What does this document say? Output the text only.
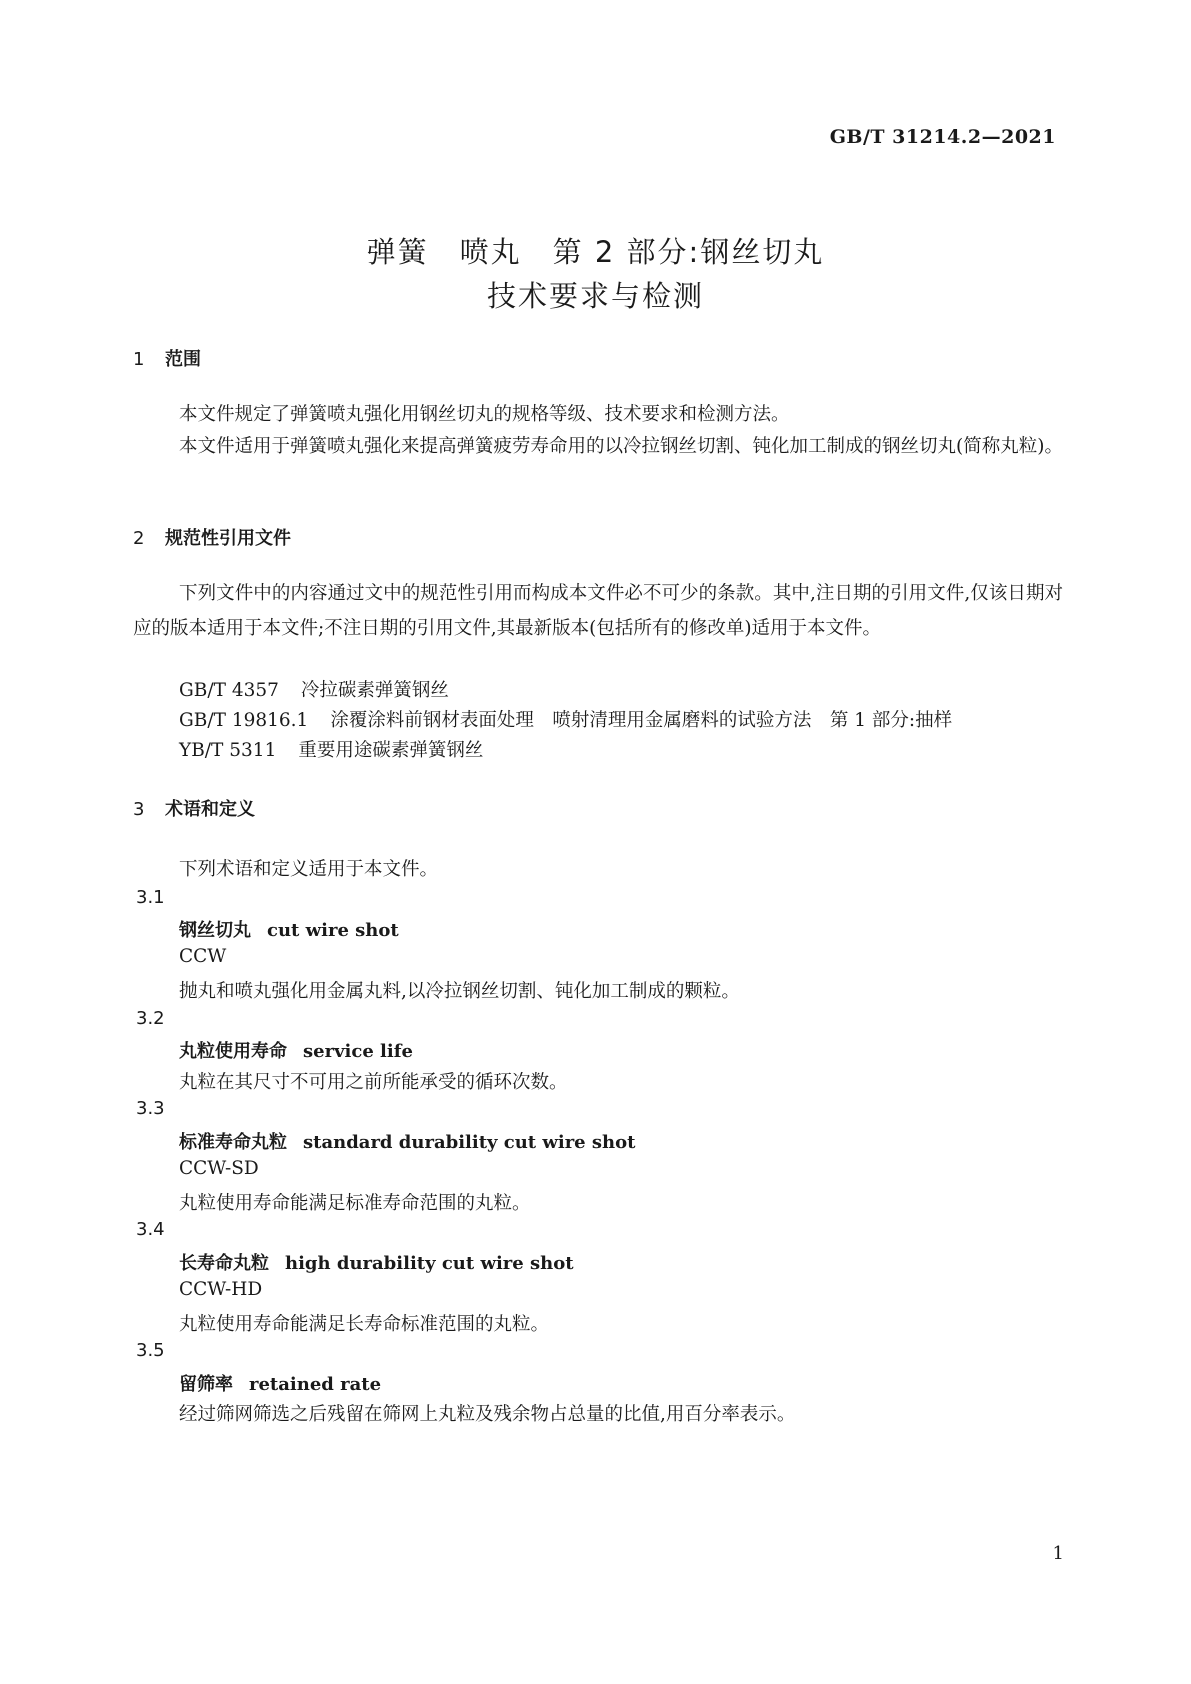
GB/T 31214.2—2021
弹簧　喷丸　第 2 部分:钢丝切丸
技术要求与检测
1 范围
本文件规定了弹簧喷丸强化用钢丝切丸的规格等级、技术要求和检测方法。
本文件适用于弹簧喷丸强化来提高弹簧疲劳寿命用的以冷拉钢丝切割、钝化加工制成的钢丝切丸(简称丸粒)。
2 规范性引用文件
下列文件中的内容通过文中的规范性引用而构成本文件必不可少的条款。其中,注日期的引用文件,仅该日期对应的版本适用于本文件;不注日期的引用文件,其最新版本(包括所有的修改单)适用于本文件。
GB/T 4357 冷拉碳素弹簧钢丝
GB/T 19816.1 涂覆涂料前钢材表面处理　喷射清理用金属磨料的试验方法　第 1 部分:抽样
YB/T 5311 重要用途碳素弹簧钢丝
3 术语和定义
下列术语和定义适用于本文件。
3.1
钢丝切丸 cut wire shot
CCW
抛丸和喷丸强化用金属丸料,以冷拉钢丝切割、钝化加工制成的颗粒。
3.2
丸粒使用寿命 service life
丸粒在其尺寸不可用之前所能承受的循环次数。
3.3
标准寿命丸粒 standard durability cut wire shot
CCW-SD
丸粒使用寿命能满足标准寿命范围的丸粒。
3.4
长寿命丸粒 high durability cut wire shot
CCW-HD
丸粒使用寿命能满足长寿命标准范围的丸粒。
3.5
留筛率 retained rate
经过筛网筛选之后残留在筛网上丸粒及残余物占总量的比值,用百分率表示。
1
